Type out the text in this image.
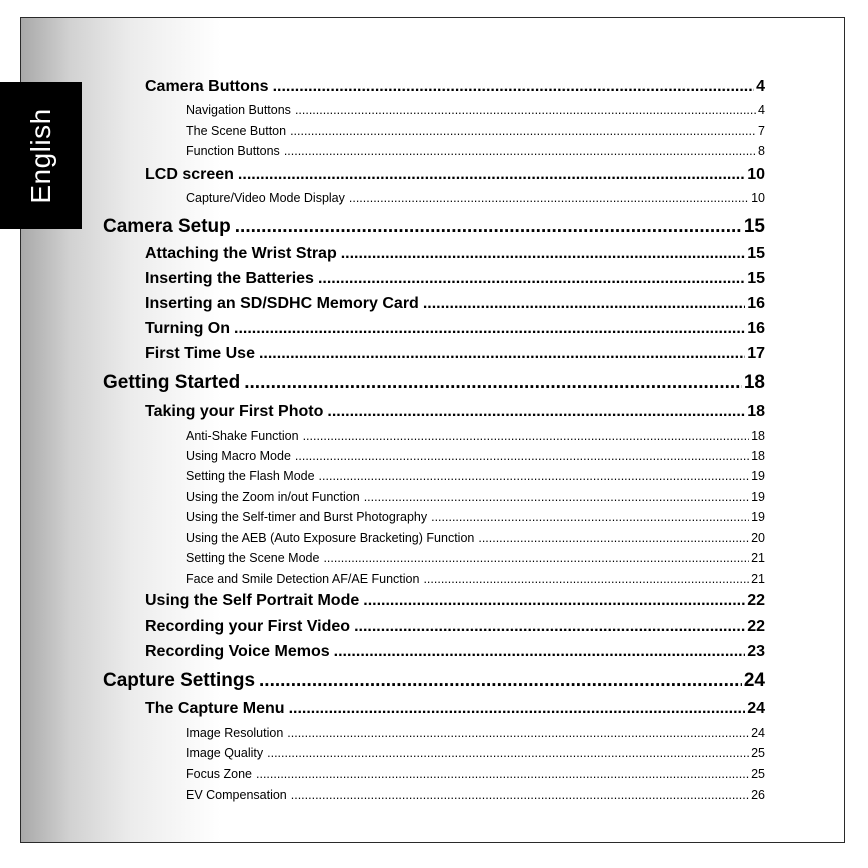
English
Camera Buttons .....	4
Navigation Buttons .....	4
The Scene Button .....	7
Function Buttons .....	8
LCD screen .....	10
Capture/Video Mode Display .....	10
Camera Setup .....	15
Attaching the Wrist Strap .....	15
Inserting the Batteries .....	15
Inserting an SD/SDHC Memory Card .....	16
Turning On .....	16
First Time Use .....	17
Getting Started .....	18
Taking your First Photo .....	18
Anti-Shake Function .....	18
Using Macro Mode .....	18
Setting the Flash Mode .....	19
Using the Zoom in/out Function .....	19
Using the Self-timer and Burst Photography .....	19
Using the AEB (Auto Exposure Bracketing) Function .....	20
Setting the Scene Mode .....	21
Face and Smile Detection AF/AE Function .....	21
Using the Self Portrait Mode .....	22
Recording your First Video .....	22
Recording Voice Memos .....	23
Capture Settings .....	24
The Capture Menu .....	24
Image Resolution .....	24
Image Quality .....	25
Focus Zone .....	25
EV Compensation .....	26
